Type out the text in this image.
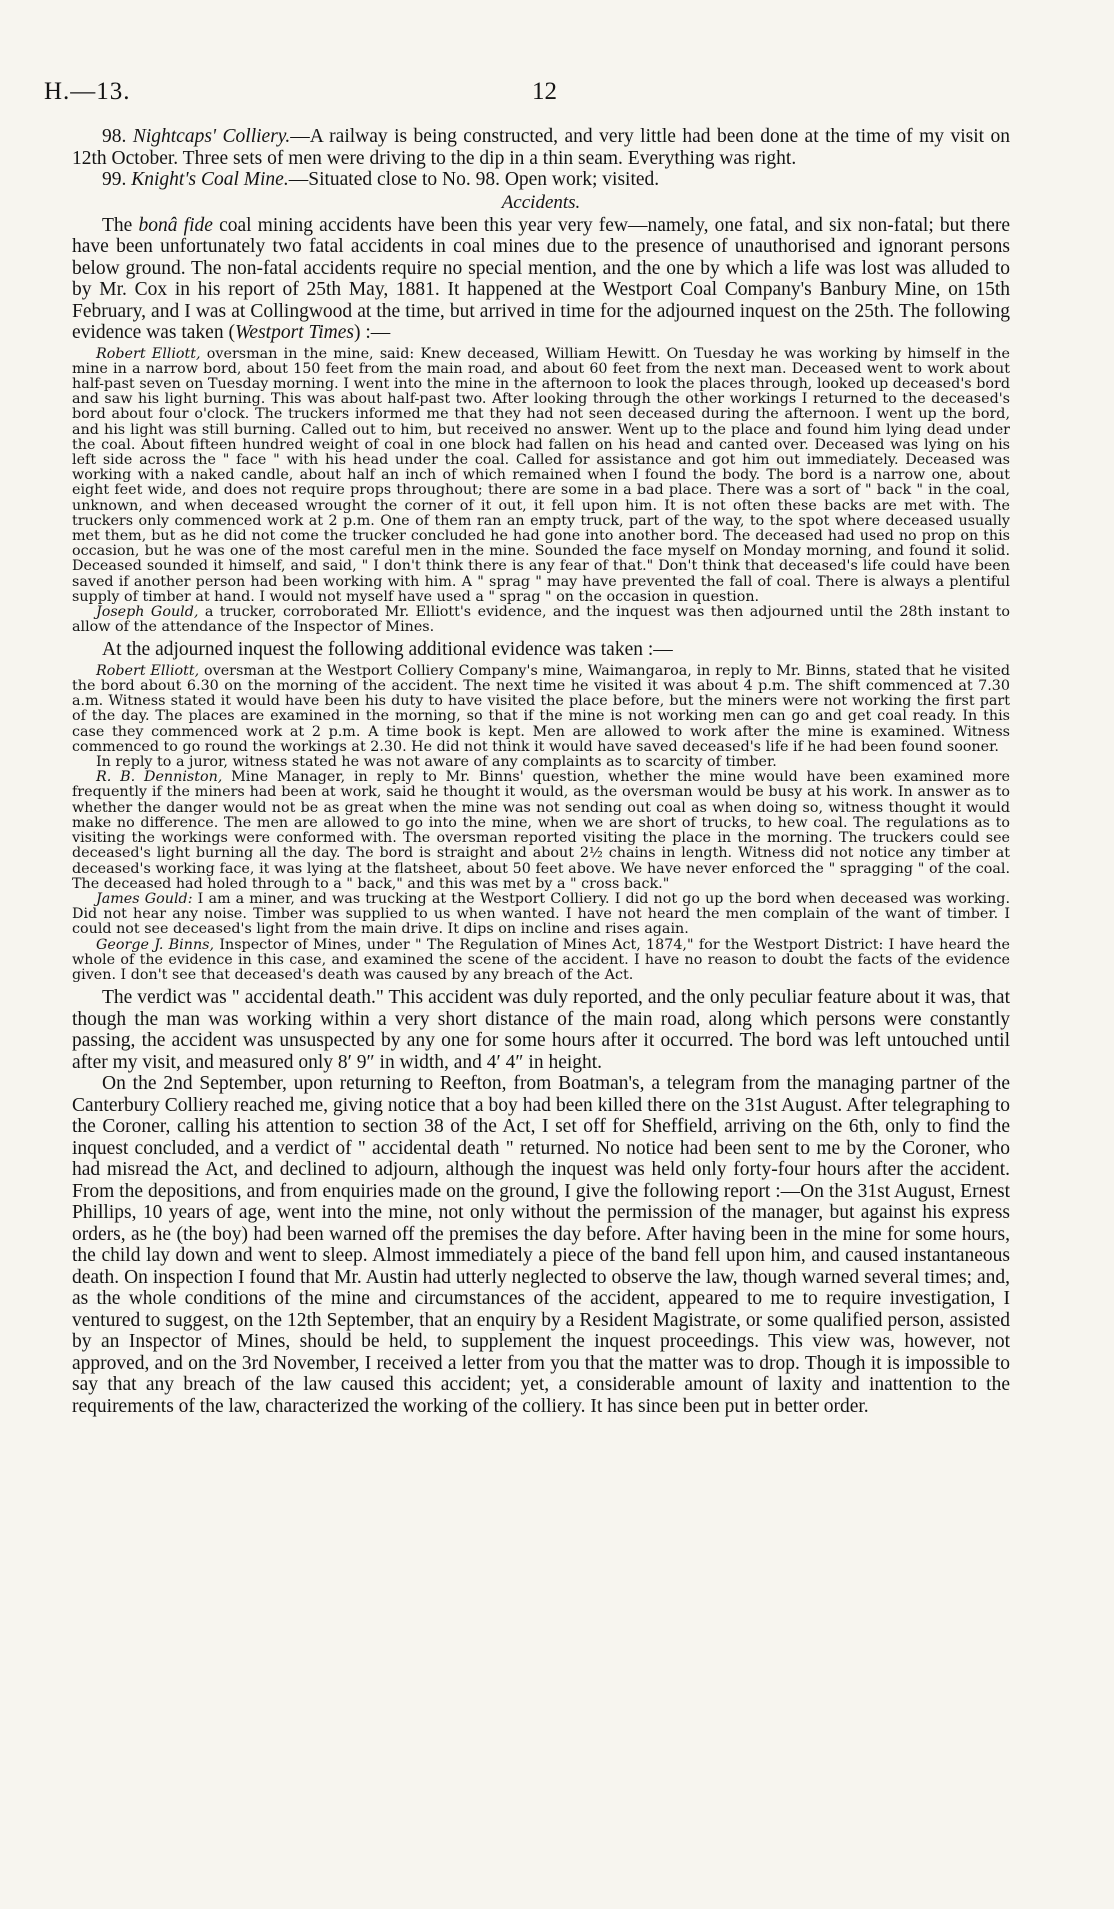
H.—13.	12

98. Nightcaps' Colliery.—A railway is being constructed, and very little had been done at the time of my visit on 12th October. Three sets of men were driving to the dip in a thin seam. Everything was right.

99. Knight's Coal Mine.—Situated close to No. 98. Open work; visited.

Accidents.

The bonâ fide coal mining accidents have been this year very few—namely, one fatal, and six non-fatal; but there have been unfortunately two fatal accidents in coal mines due to the presence of unauthorised and ignorant persons below ground. The non-fatal accidents require no special mention, and the one by which a life was lost was alluded to by Mr. Cox in his report of 25th May, 1881. It happened at the Westport Coal Company's Banbury Mine, on 15th February, and I was at Collingwood at the time, but arrived in time for the adjourned inquest on the 25th. The following evidence was taken (Westport Times) :—

Robert Elliott, oversman in the mine, said: Knew deceased, William Hewitt. On Tuesday he was working by himself in the mine in a narrow bord, about 150 feet from the main road, and about 60 feet from the next man. Deceased went to work about half-past seven on Tuesday morning. I went into the mine in the afternoon to look the places through, looked up deceased's bord and saw his light burning. This was about half-past two. After looking through the other workings I returned to the deceased's bord about four o'clock. The truckers informed me that they had not seen deceased during the afternoon. I went up the bord, and his light was still burning. Called out to him, but received no answer. Went up to the place and found him lying dead under the coal. About fifteen hundred weight of coal in one block had fallen on his head and canted over. Deceased was lying on his left side across the " face " with his head under the coal. Called for assistance and got him out immediately. Deceased was working with a naked candle, about half an inch of which remained when I found the body. The bord is a narrow one, about eight feet wide, and does not require props throughout; there are some in a bad place. There was a sort of " back " in the coal, unknown, and when deceased wrought the corner of it out, it fell upon him. It is not often these backs are met with. The truckers only commenced work at 2 p.m. One of them ran an empty truck, part of the way, to the spot where deceased usually met them, but as he did not come the trucker concluded he had gone into another bord. The deceased had used no prop on this occasion, but he was one of the most careful men in the mine. Sounded the face myself on Monday morning, and found it solid. Deceased sounded it himself, and said, " I don't think there is any fear of that." Don't think that deceased's life could have been saved if another person had been working with him. A " sprag " may have prevented the fall of coal. There is always a plentiful supply of timber at hand. I would not myself have used a " sprag " on the occasion in question.

Joseph Gould, a trucker, corroborated Mr. Elliott's evidence, and the inquest was then adjourned until the 28th instant to allow of the attendance of the Inspector of Mines.

At the adjourned inquest the following additional evidence was taken :—

Robert Elliott, oversman at the Westport Colliery Company's mine, Waimangaroa, in reply to Mr. Binns, stated that he visited the bord about 6.30 on the morning of the accident. The next time he visited it was about 4 p.m. The shift commenced at 7.30 a.m. Witness stated it would have been his duty to have visited the place before, but the miners were not working the first part of the day. The places are examined in the morning, so that if the mine is not working men can go and get coal ready. In this case they commenced work at 2 p.m. A time book is kept. Men are allowed to work after the mine is examined. Witness commenced to go round the workings at 2.30. He did not think it would have saved deceased's life if he had been found sooner.

In reply to a juror, witness stated he was not aware of any complaints as to scarcity of timber.

R. B. Denniston, Mine Manager, in reply to Mr. Binns' question, whether the mine would have been examined more frequently if the miners had been at work, said he thought it would, as the oversman would be busy at his work. In answer as to whether the danger would not be as great when the mine was not sending out coal as when doing so, witness thought it would make no difference. The men are allowed to go into the mine, when we are short of trucks, to hew coal. The regulations as to visiting the workings were conformed with. The oversman reported visiting the place in the morning. The truckers could see deceased's light burning all the day. The bord is straight and about 2½ chains in length. Witness did not notice any timber at deceased's working face, it was lying at the flatsheet, about 50 feet above. We have never enforced the " spragging " of the coal. The deceased had holed through to a " back," and this was met by a " cross back."

James Gould: I am a miner, and was trucking at the Westport Colliery. I did not go up the bord when deceased was working. Did not hear any noise. Timber was supplied to us when wanted. I have not heard the men complain of the want of timber. I could not see deceased's light from the main drive. It dips on incline and rises again.

George J. Binns, Inspector of Mines, under " The Regulation of Mines Act, 1874," for the Westport District: I have heard the whole of the evidence in this case, and examined the scene of the accident. I have no reason to doubt the facts of the evidence given. I don't see that deceased's death was caused by any breach of the Act.

The verdict was " accidental death." This accident was duly reported, and the only peculiar feature about it was, that though the man was working within a very short distance of the main road, along which persons were constantly passing, the accident was unsuspected by any one for some hours after it occurred. The bord was left untouched until after my visit, and measured only 8′ 9″ in width, and 4′ 4″ in height.

On the 2nd September, upon returning to Reefton, from Boatman's, a telegram from the managing partner of the Canterbury Colliery reached me, giving notice that a boy had been killed there on the 31st August. After telegraphing to the Coroner, calling his attention to section 38 of the Act, I set off for Sheffield, arriving on the 6th, only to find the inquest concluded, and a verdict of " accidental death " returned. No notice had been sent to me by the Coroner, who had misread the Act, and declined to adjourn, although the inquest was held only forty-four hours after the accident. From the depositions, and from enquiries made on the ground, I give the following report :—On the 31st August, Ernest Phillips, 10 years of age, went into the mine, not only without the permission of the manager, but against his express orders, as he (the boy) had been warned off the premises the day before. After having been in the mine for some hours, the child lay down and went to sleep. Almost immediately a piece of the band fell upon him, and caused instantaneous death. On inspection I found that Mr. Austin had utterly neglected to observe the law, though warned several times; and, as the whole conditions of the mine and circumstances of the accident, appeared to me to require investigation, I ventured to suggest, on the 12th September, that an enquiry by a Resident Magistrate, or some qualified person, assisted by an Inspector of Mines, should be held, to supplement the inquest proceedings. This view was, however, not approved, and on the 3rd November, I received a letter from you that the matter was to drop. Though it is impossible to say that any breach of the law caused this accident; yet, a considerable amount of laxity and inattention to the requirements of the law, characterized the working of the colliery. It has since been put in better order.
